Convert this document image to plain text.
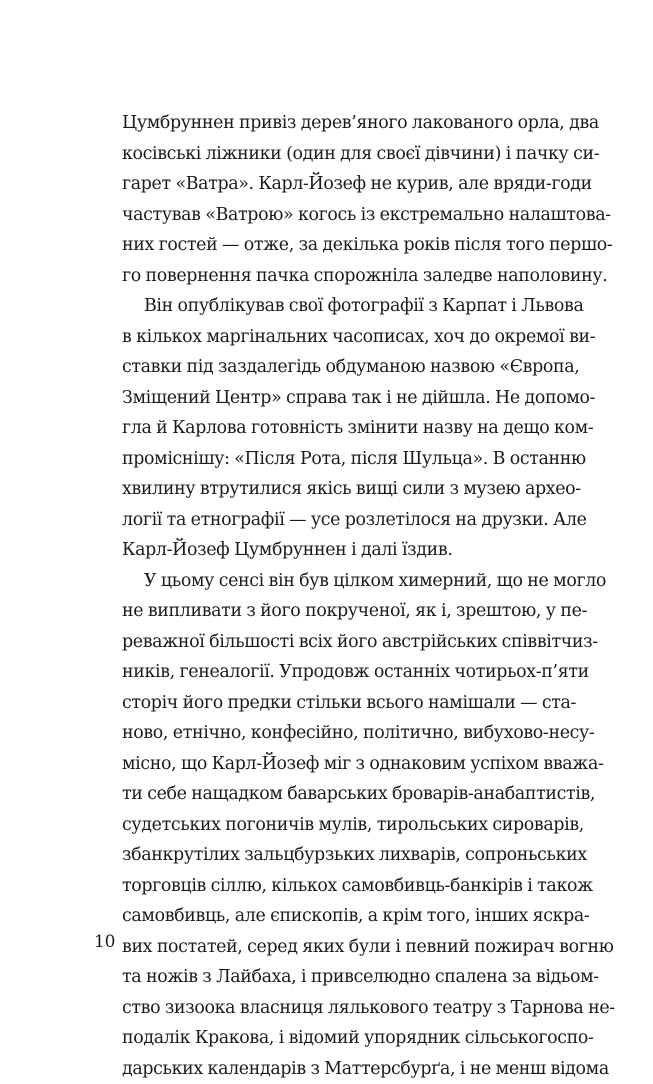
Цумбруннен привіз дерев’яного лакованого орла, два
косівські ліжники (один для своєї дівчини) і пачку си-
гарет «Ватра». Карл-Йозеф не курив, але вряди-годи
частував «Ватрою» когось із екстремально налаштова-
них гостей — отже, за декілька років після того першо-
го повернення пачка спорожніла заледве наполовину.
Він опублікував свої фотографії з Карпат і Львова
в кількох маргінальних часописах, хоч до окремої ви-
ставки під заздалегідь обдуманою назвою «Європа,
Зміщений Центр» справа так і не дійшла. Не допомо-
гла й Карлова готовність змінити назву на дещо ком-
проміснішу: «Після Рота, після Шульца». В останню
хвилину втрутилися якісь вищі сили з музею археo-
логії та етнографії — усе розлетілося на друзки. Але
Карл-Йозеф Цумбруннен і далі їздив.
У цьому сенсі він був цілком химерний, що не могло
не випливати з його покрученої, як і, зрештою, у пе-
реважної більшості всіх його австрійських співвітчиз-
ників, генеалогії. Упродовж останніх чотирьох-п’яти
сторіч його предки стільки всього намішали — ста-
ново, етнічно, конфесійно, політично, вибухово-несу-
місно, що Карл-Йозеф міг з однаковим успіхом вважа-
ти себе нащадком баварських броварів-анабаптистів,
судетських погоничів мулів, тирольських сироварів,
збанкрутілих зальцбурзьких лихварів, сопроньських
торговців сіллю, кількох самовбивць-банкірів і також
самовбивць, але єпископів, а крім того, інших яскра-
вих постатей, серед яких були і певний пожирач вогню
та ножів з Лайбаха, і привселюдно спалена за відьом-
ство зизоока власниця лялькового театру з Тарнова не-
подалік Кракова, і відомий упорядник сільськогоспо-
дарських календарів з Маттерсбурґа, і не менш відома
10
